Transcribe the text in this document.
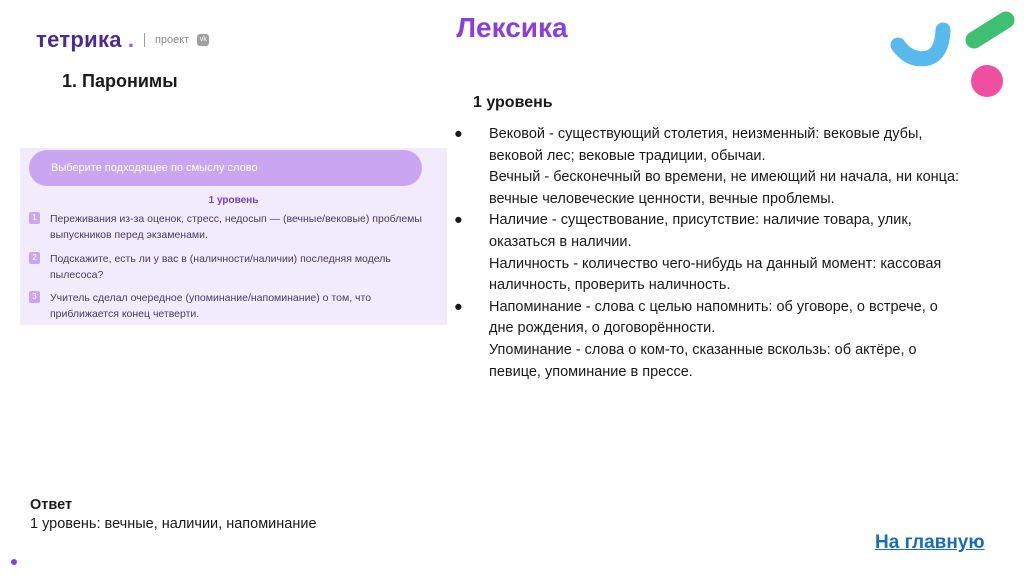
тетрика . проект	vk	Лексика
1. Паронимы
Выберите подходящее по смыслу слово
1 уровень
1	Переживания из-за оценок, стресс, недосып — (вечные/вековые) проблемы выпускников перед экзаменами.
2	Подскажите, есть ли у вас в (наличности/наличии) последняя модель пылесоса?
3	Учитель сделал очередное (упоминание/напоминание) о том, что приближается конец четверти.
1 уровень
● Вековой - существующий столетия, неизменный: вековые дубы,
вековой лес; вековые традиции, обычаи.
Вечный - бесконечный во времени, не имеющий ни начала, ни конца:
вечные человеческие ценности, вечные проблемы.
● Наличие - существование, присутствие: наличие товара, улик,
оказаться в наличии.
Наличность - количество чего-нибудь на данный момент: кассовая
наличность, проверить наличность.
● Напоминание - слова с целью напомнить: об уговоре, о встрече, о
дне рождения, о договорённости.
Упоминание - слова о ком-то, сказанные вскользь: об актёре, о
певице, упоминание в прессе.
Ответ
1 уровень: вечные, наличии, напоминание
На главную
